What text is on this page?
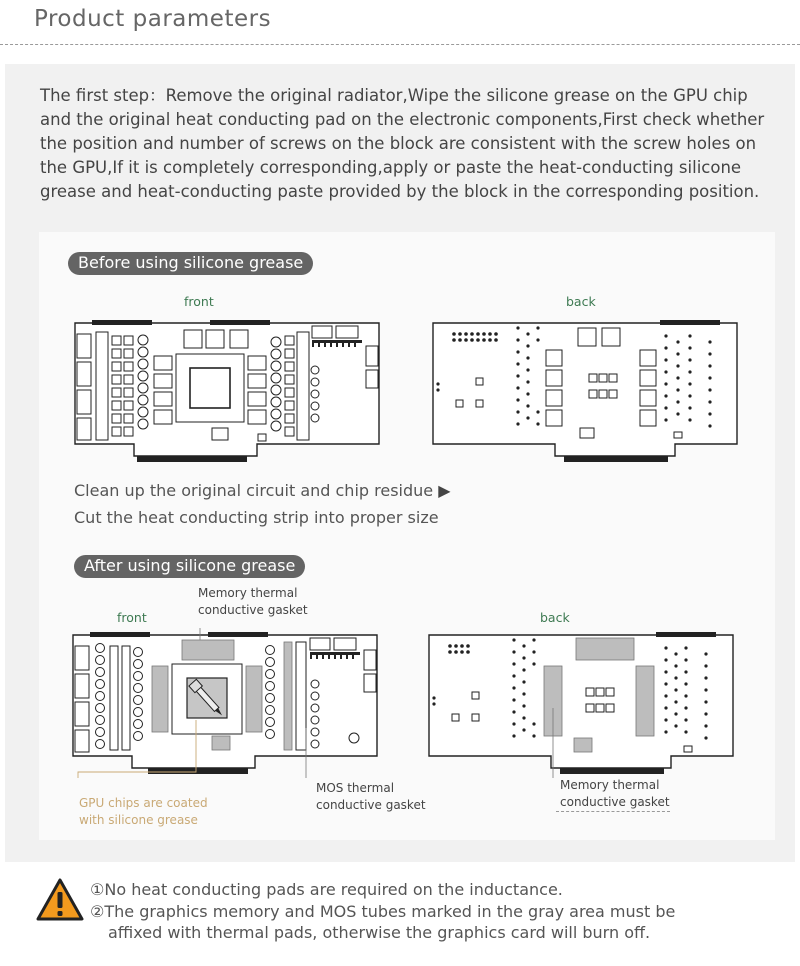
Product parameters
The first step：Remove the original radiator,Wipe the silicone grease on the GPU chip and the original heat conducting pad on the electronic components,First check whether the position and number of screws on the block are consistent with the screw holes on the GPU,If it is completely corresponding,apply or paste the heat-conducting silicone grease and heat-conducting paste provided by the block in the corresponding position.
Before using silicone grease
front	back
Clean up the original circuit and chip residue ▶
Cut the heat conducting strip into proper size
After using silicone grease
front	back
Memory thermal
conductive gasket
GPU chips are coated
with silicone grease
MOS thermal
conductive gasket
Memory thermal
conductive gasket
①No heat conducting pads are required on the inductance.
②The graphics memory and MOS tubes marked in the gray area must be
affixed with thermal pads, otherwise the graphics card will burn off.
